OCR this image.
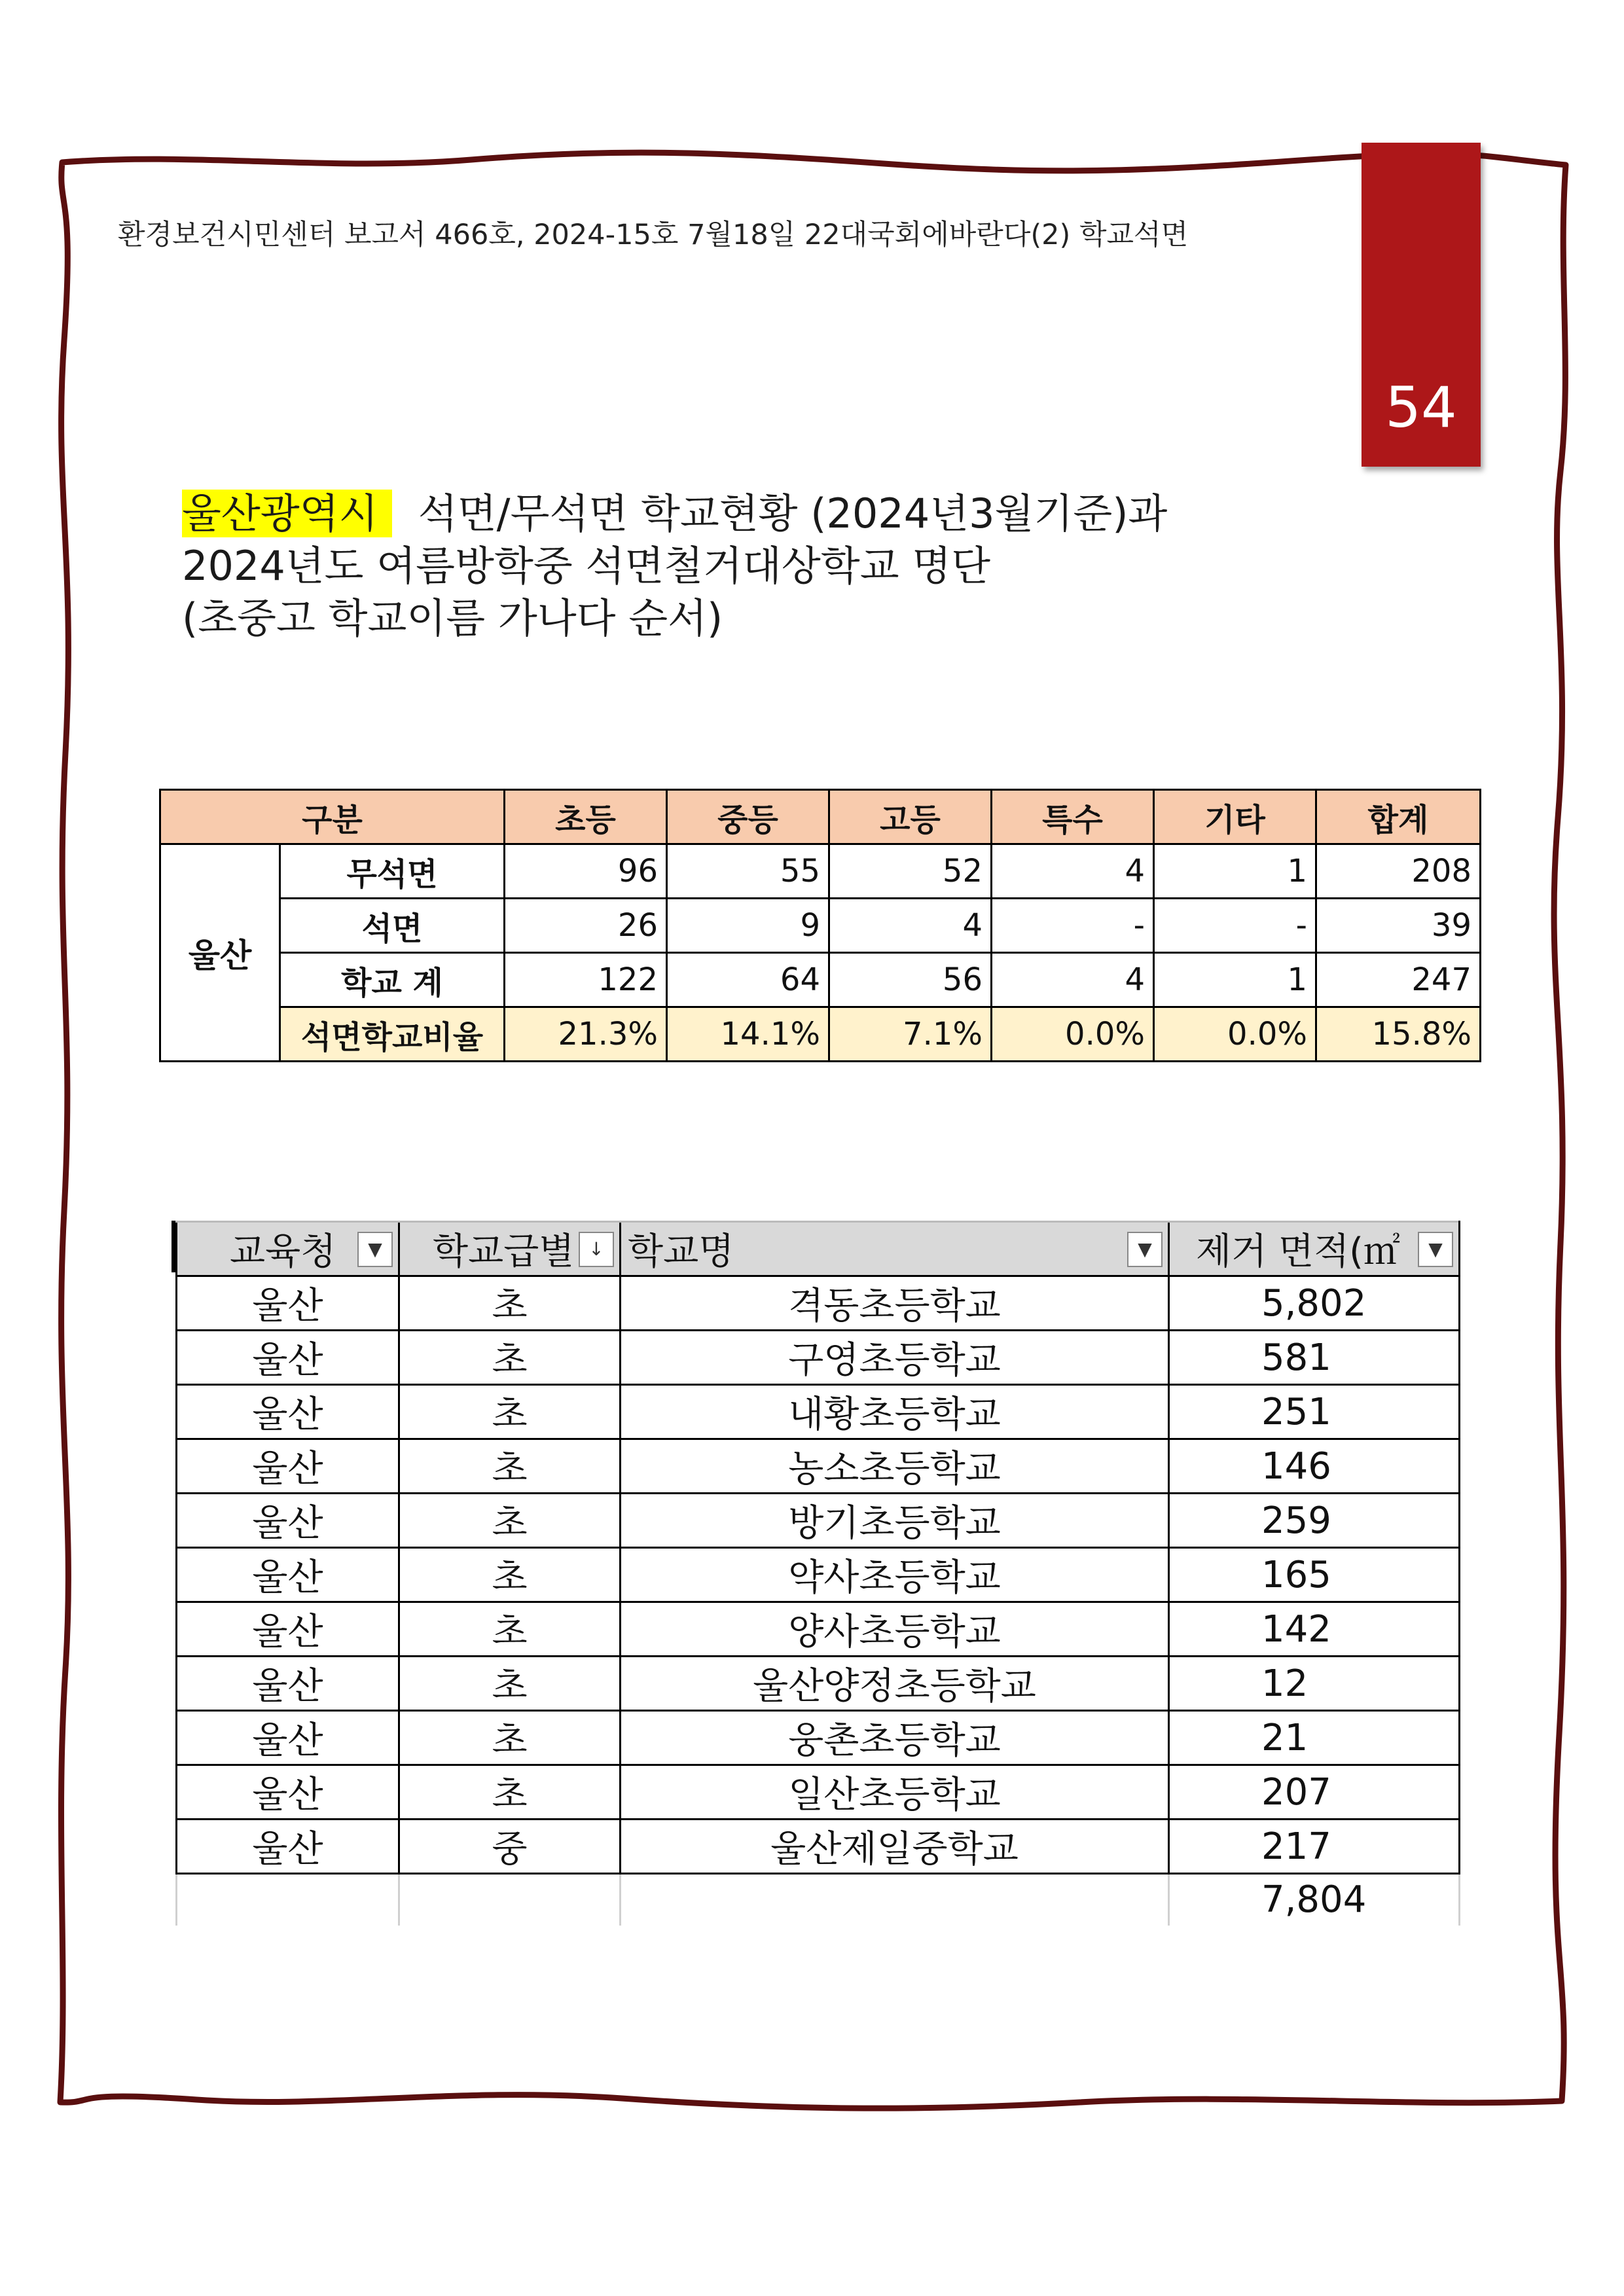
환경보건시민센터 보고서 466호, 2024-15호 7월18일 22대국회에바란다(2) 학교석면
54
울산광역시 석면/무석면 학교현황 (2024년3월기준)과
2024년도 여름방학중 석면철거대상학교 명단
(초중고 학교이름 가나다 순서)
구분		초등	중등	고등	특수	기타	합계
울산	무석면	96	55	52	4	1	208
	석면	26	9	4	-	-	39
	학교 계	122	64	56	4	1	247
	석면학교비율	21.3%	14.1%	7.1%	0.0%	0.0%	15.8%
교육청 ▼	학교급별 ↓	학교명 ▼	제거 면적(㎡ ▼

울산	초	격동초등학교	5,802
울산	초	구영초등학교	581
울산	초	내황초등학교	251
울산	초	농소초등학교	146
울산	초	방기초등학교	259
울산	초	약사초등학교	165
울산	초	양사초등학교	142
울산	초	울산양정초등학교	12
울산	초	웅촌초등학교	21
울산	초	일산초등학교	207
울산	중	울산제일중학교	217
			7,804
